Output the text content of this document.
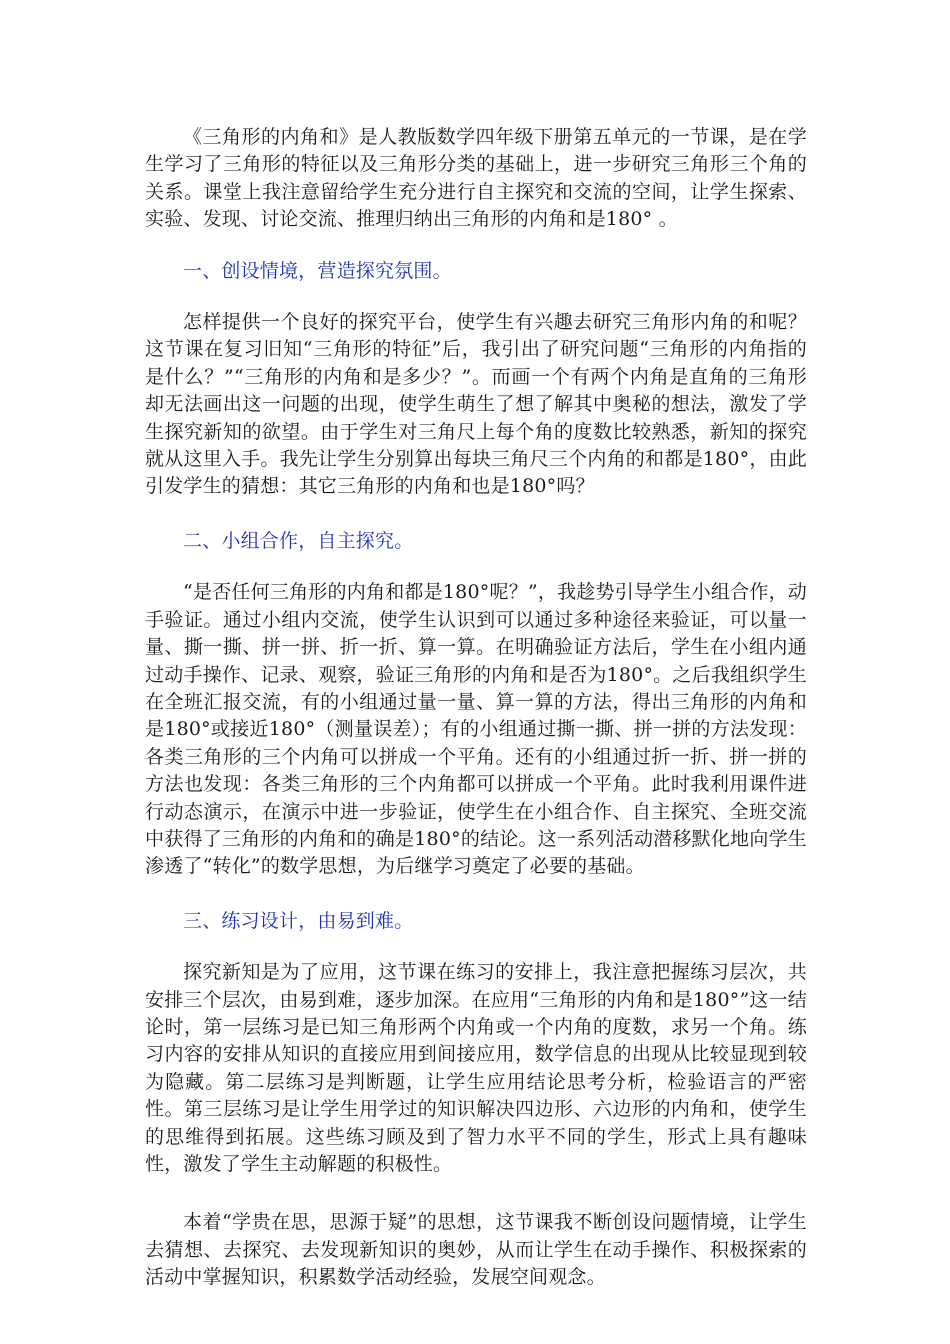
《三角形的内角和》是人教版数学四年级下册第五单元的一节课，是在学生学习了三角形的特征以及三角形分类的基础上，进一步研究三角形三个角的关系。课堂上我注意留给学生充分进行自主探究和交流的空间，让学生探索、实验、发现、讨论交流、推理归纳出三角形的内角和是180° 。

一、创设情境，营造探究氛围。

怎样提供一个良好的探究平台，使学生有兴趣去研究三角形内角的和呢？这节课在复习旧知“三角形的特征”后，我引出了研究问题“三角形的内角指的是什么？”“三角形的内角和是多少？”。而画一个有两个内角是直角的三角形却无法画出这一问题的出现，使学生萌生了想了解其中奥秘的想法，激发了学生探究新知的欲望。由于学生对三角尺上每个角的度数比较熟悉，新知的探究就从这里入手。我先让学生分别算出每块三角尺三个内角的和都是180°，由此引发学生的猜想：其它三角形的内角和也是180°吗？

二、小组合作，自主探究。

“是否任何三角形的内角和都是180°呢？”，我趁势引导学生小组合作，动手验证。通过小组内交流，使学生认识到可以通过多种途径来验证，可以量一量、撕一撕、拼一拼、折一折、算一算。在明确验证方法后，学生在小组内通过动手操作、记录、观察，验证三角形的内角和是否为180°。之后我组织学生在全班汇报交流，有的小组通过量一量、算一算的方法，得出三角形的内角和是180°或接近180°（测量误差）；有的小组通过撕一撕、拼一拼的方法发现：各类三角形的三个内角可以拼成一个平角。还有的小组通过折一折、拼一拼的方法也发现：各类三角形的三个内角都可以拼成一个平角。此时我利用课件进行动态演示，在演示中进一步验证，使学生在小组合作、自主探究、全班交流中获得了三角形的内角和的确是180°的结论。这一系列活动潜移默化地向学生渗透了“转化”的数学思想，为后继学习奠定了必要的基础。

三、练习设计，由易到难。

探究新知是为了应用，这节课在练习的安排上，我注意把握练习层次，共安排三个层次，由易到难，逐步加深。在应用“三角形的内角和是180°”这一结论时，第一层练习是已知三角形两个内角或一个内角的度数，求另一个角。练习内容的安排从知识的直接应用到间接应用，数学信息的出现从比较显现到较为隐藏。第二层练习是判断题，让学生应用结论思考分析，检验语言的严密性。第三层练习是让学生用学过的知识解决四边形、六边形的内角和，使学生的思维得到拓展。这些练习顾及到了智力水平不同的学生，形式上具有趣味性，激发了学生主动解题的积极性。

本着“学贵在思，思源于疑”的思想，这节课我不断创设问题情境，让学生去猜想、去探究、去发现新知识的奥妙，从而让学生在动手操作、积极探索的活动中掌握知识，积累数学活动经验，发展空间观念。
